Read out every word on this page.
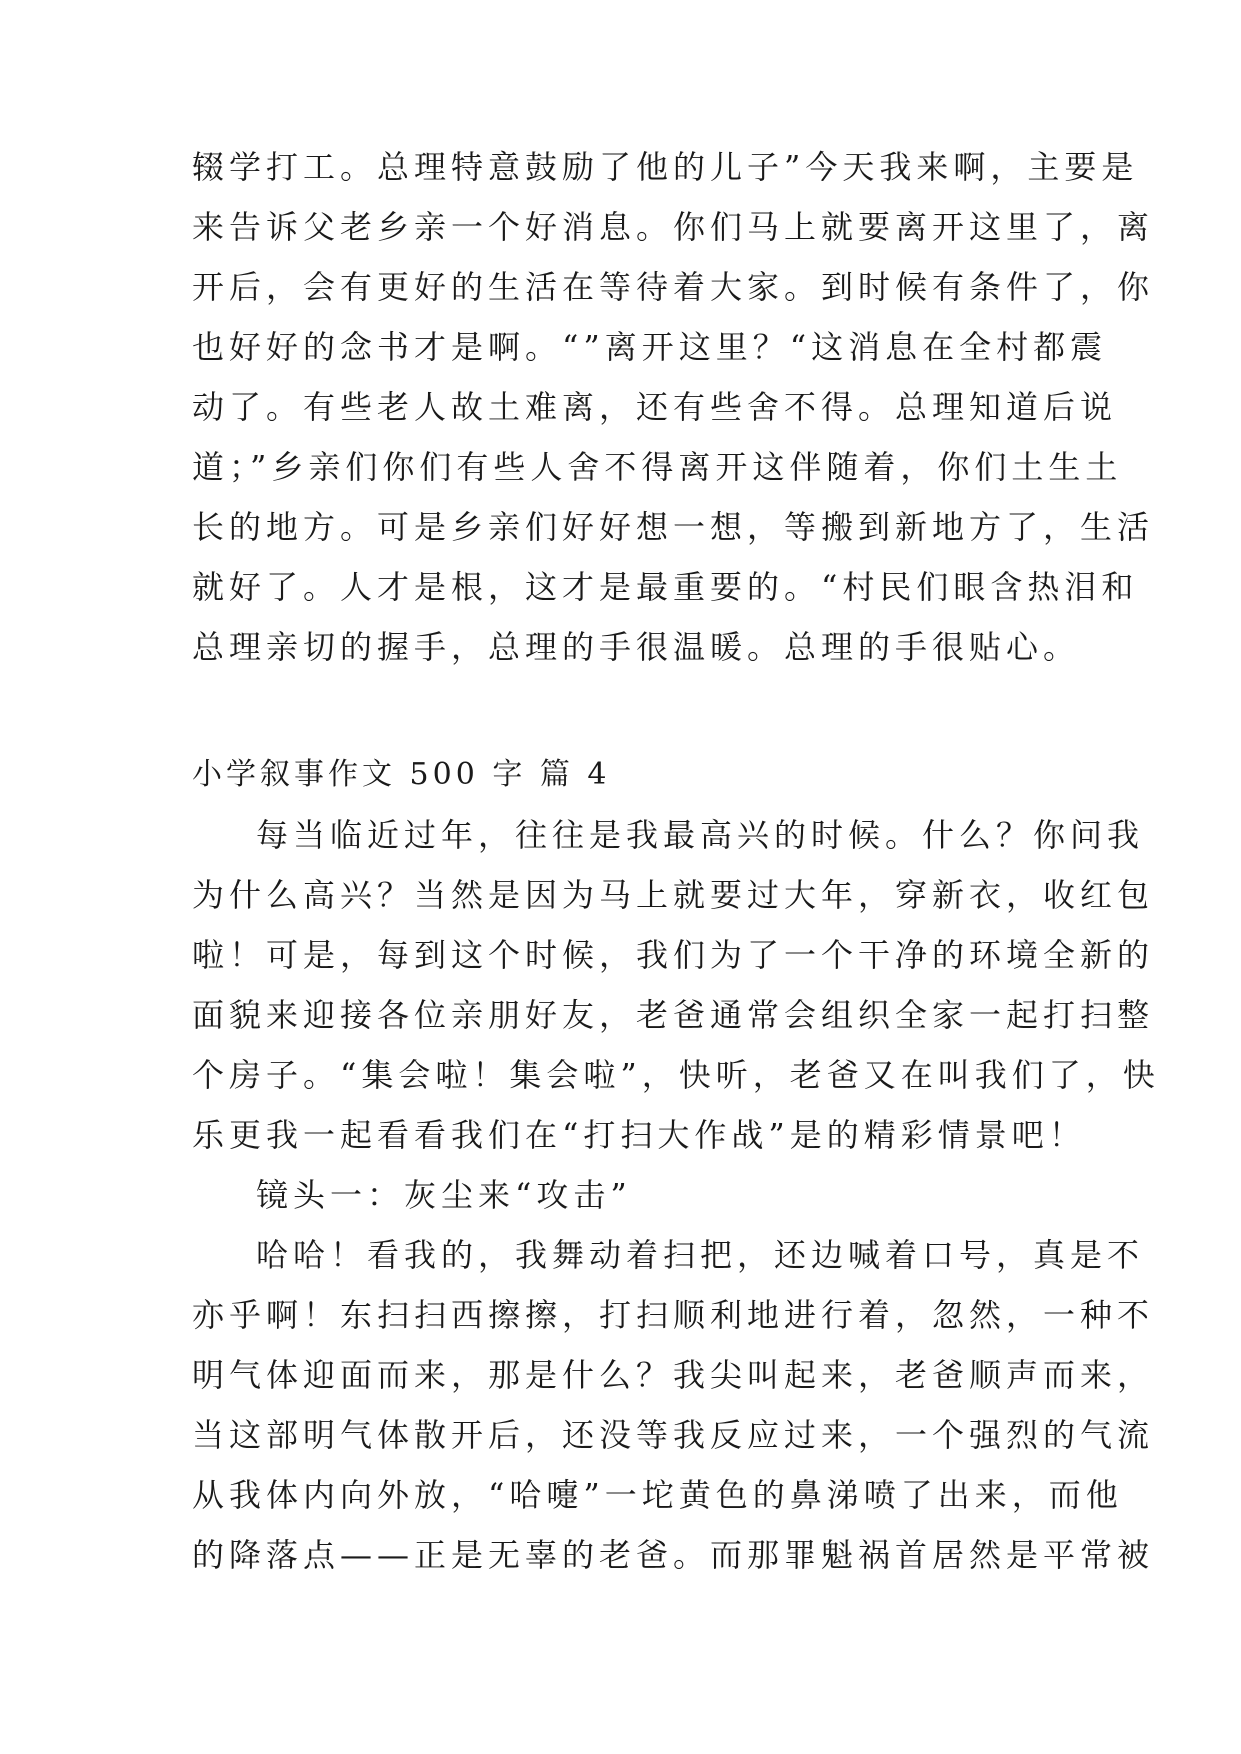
辍学打工。总理特意鼓励了他的儿子”今天我来啊，主要是
来告诉父老乡亲一个好消息。你们马上就要离开这里了，离
开后，会有更好的生活在等待着大家。到时候有条件了，你
也好好的念书才是啊。“”离开这里？“这消息在全村都震
动了。有些老人故土难离，还有些舍不得。总理知道后说
道；”乡亲们你们有些人舍不得离开这伴随着，你们土生土
长的地方。可是乡亲们好好想一想，等搬到新地方了，生活
就好了。人才是根，这才是最重要的。“村民们眼含热泪和
总理亲切的握手，总理的手很温暖。总理的手很贴心。
小学叙事作文 500 字 篇 4
每当临近过年，往往是我最高兴的时候。什么？你问我
为什么高兴？当然是因为马上就要过大年，穿新衣，收红包
啦！可是，每到这个时候，我们为了一个干净的环境全新的
面貌来迎接各位亲朋好友，老爸通常会组织全家一起打扫整
个房子。“集会啦！集会啦”，快听，老爸又在叫我们了，快
乐更我一起看看我们在“打扫大作战”是的精彩情景吧！
镜头一：灰尘来“攻击”
哈哈！看我的，我舞动着扫把，还边喊着口号，真是不
亦乎啊！东扫扫西擦擦，打扫顺利地进行着，忽然，一种不
明气体迎面而来，那是什么？我尖叫起来，老爸顺声而来，
当这部明气体散开后，还没等我反应过来，一个强烈的气流
从我体内向外放，“哈嚏”一坨黄色的鼻涕喷了出来，而他
的降落点——正是无辜的老爸。而那罪魁祸首居然是平常被
